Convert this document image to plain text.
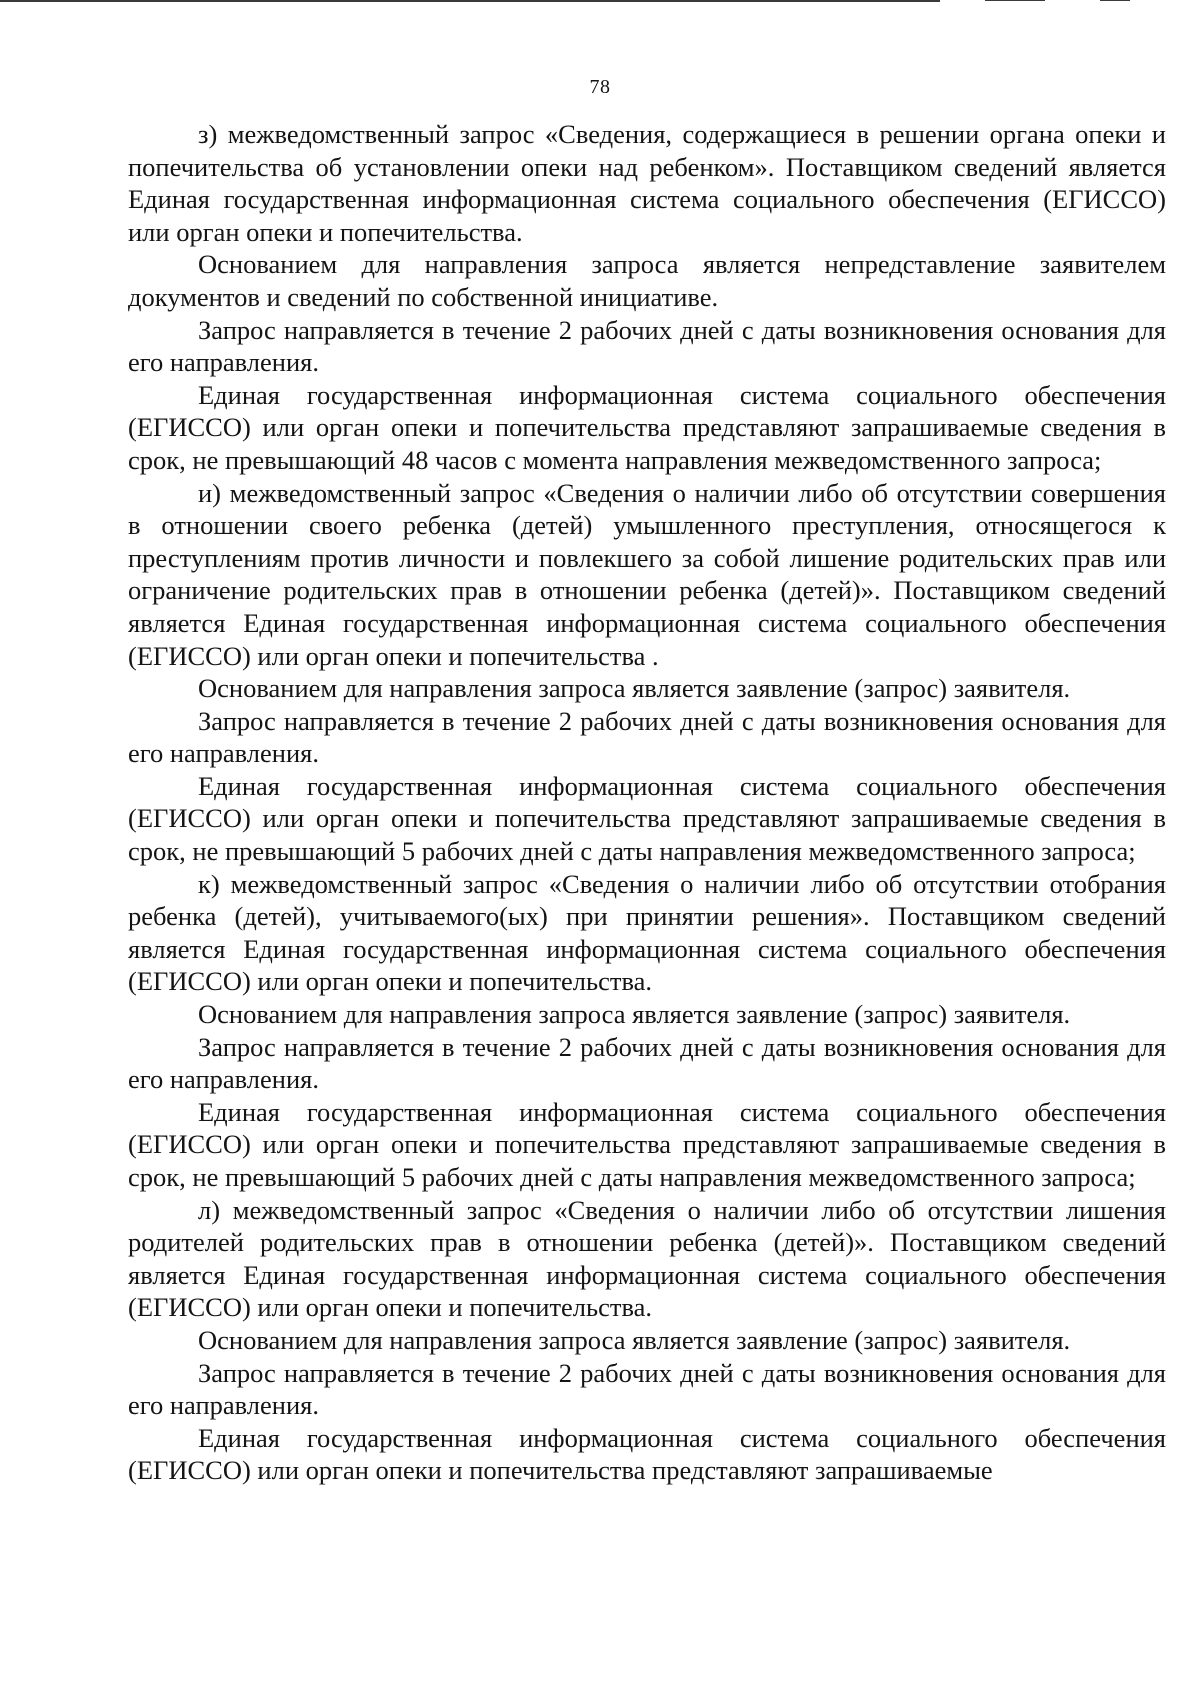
78

з) межведомственный запрос «Сведения, содержащиеся в решении органа опеки и попечительства об установлении опеки над ребенком». Поставщиком сведений является Единая государственная информационная система социального обеспечения (ЕГИССО) или орган опеки и попечительства.

Основанием для направления запроса является непредставление заявителем документов и сведений по собственной инициативе.

Запрос направляется в течение 2 рабочих дней с даты возникновения основания для его направления.

Единая государственная информационная система социального обеспечения (ЕГИССО) или орган опеки и попечительства представляют запрашиваемые сведения в срок, не превышающий 48 часов с момента направления межведомственного запроса;

и) межведомственный запрос «Сведения о наличии либо об отсутствии совершения в отношении своего ребенка (детей) умышленного преступления, относящегося к преступлениям против личности и повлекшего за собой лишение родительских прав или ограничение родительских прав в отношении ребенка (детей)». Поставщиком сведений является Единая государственная информационная система социального обеспечения (ЕГИССО) или орган опеки и попечительства .

Основанием для направления запроса является заявление (запрос) заявителя.

Запрос направляется в течение 2 рабочих дней с даты возникновения основания для его направления.

Единая государственная информационная система социального обеспечения (ЕГИССО) или орган опеки и попечительства представляют запрашиваемые сведения в срок, не превышающий 5 рабочих дней с даты направления межведомственного запроса;

к) межведомственный запрос «Сведения о наличии либо об отсутствии отобрания ребенка (детей), учитываемого(ых) при принятии решения». Поставщиком сведений является Единая государственная информационная система социального обеспечения (ЕГИССО) или орган опеки и попечительства.

Основанием для направления запроса является заявление (запрос) заявителя.

Запрос направляется в течение 2 рабочих дней с даты возникновения основания для его направления.

Единая государственная информационная система социального обеспечения (ЕГИССО) или орган опеки и попечительства представляют запрашиваемые сведения в срок, не превышающий 5 рабочих дней с даты направления межведомственного запроса;

л) межведомственный запрос «Сведения о наличии либо об отсутствии лишения родителей родительских прав в отношении ребенка (детей)». Поставщиком сведений является Единая государственная информационная система социального обеспечения (ЕГИССО) или орган опеки и попечительства.

Основанием для направления запроса является заявление (запрос) заявителя.

Запрос направляется в течение 2 рабочих дней с даты возникновения основания для его направления.

Единая государственная информационная система социального обеспечения (ЕГИССО) или орган опеки и попечительства представляют запрашиваемые
